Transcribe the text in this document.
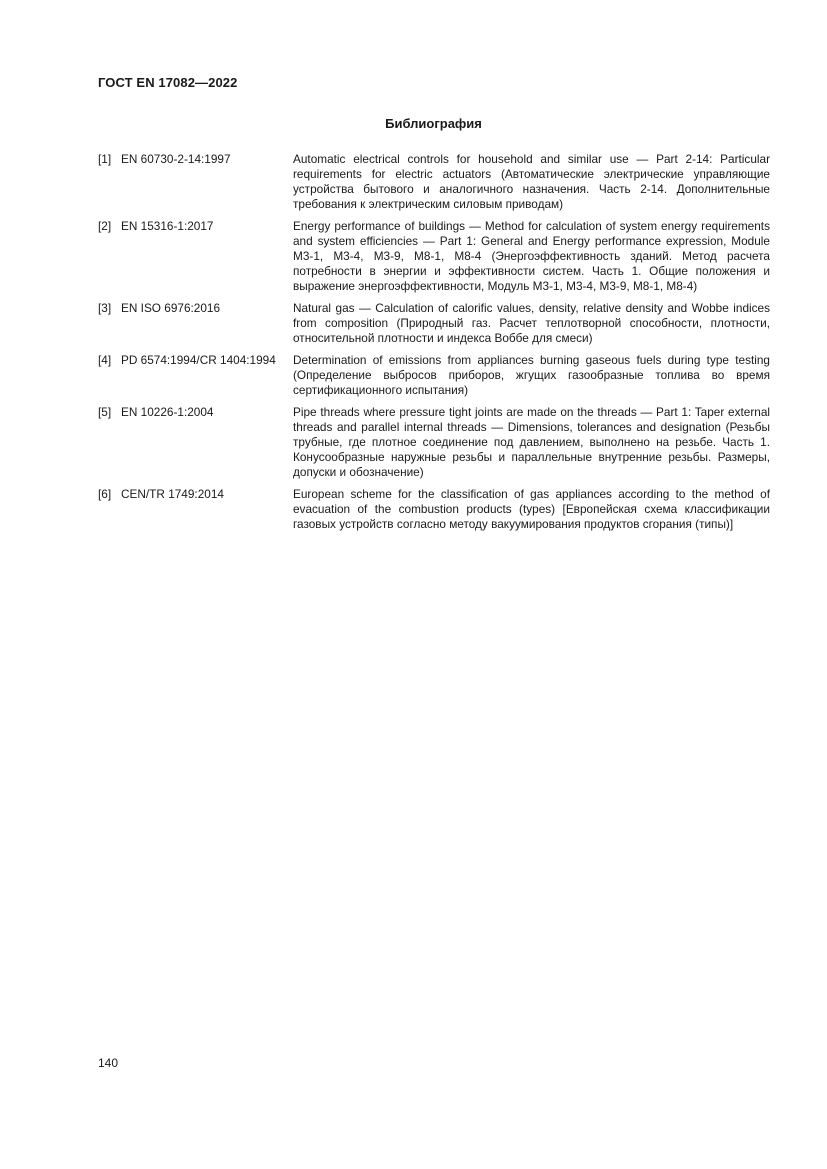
ГОСТ EN 17082—2022
Библиография
[1] EN 60730-2-14:1997	Automatic electrical controls for household and similar use — Part 2-14: Particular requirements for electric actuators (Автоматические электрические управляющие устройства бытового и аналогичного назначения. Часть 2-14. Дополнительные требования к электрическим силовым приводам)
[2] EN 15316-1:2017	Energy performance of buildings — Method for calculation of system energy requirements and system efficiencies — Part 1: General and Energy performance expression, Module M3-1, M3-4, M3-9, M8-1, M8-4 (Энергоэффективность зданий. Метод расчета потребности в энергии и эффективности систем. Часть 1. Общие положения и выражение энергоэффективности, Модуль M3-1, M3-4, M3-9, M8-1, M8-4)
[3] EN ISO 6976:2016	Natural gas — Calculation of calorific values, density, relative density and Wobbe indices from composition (Природный газ. Расчет теплотворной способности, плотности, относительной плотности и индекса Воббе для смеси)
[4] PD 6574:1994/CR 1404:1994	Determination of emissions from appliances burning gaseous fuels during type testing (Определение выбросов приборов, жгущих газообразные топлива во время сертификационного испытания)
[5] EN 10226-1:2004	Pipe threads where pressure tight joints are made on the threads — Part 1: Taper external threads and parallel internal threads — Dimensions, tolerances and designation (Резьбы трубные, где плотное соединение под давлением, выполнено на резьбе. Часть 1. Конусообразные наружные резьбы и параллельные внутренние резьбы. Размеры, допуски и обозначение)
[6] CEN/TR 1749:2014	European scheme for the classification of gas appliances according to the method of evacuation of the combustion products (types) [Европейская схема классификации газовых устройств согласно методу вакуумирования продуктов сгорания (типы)]
140
